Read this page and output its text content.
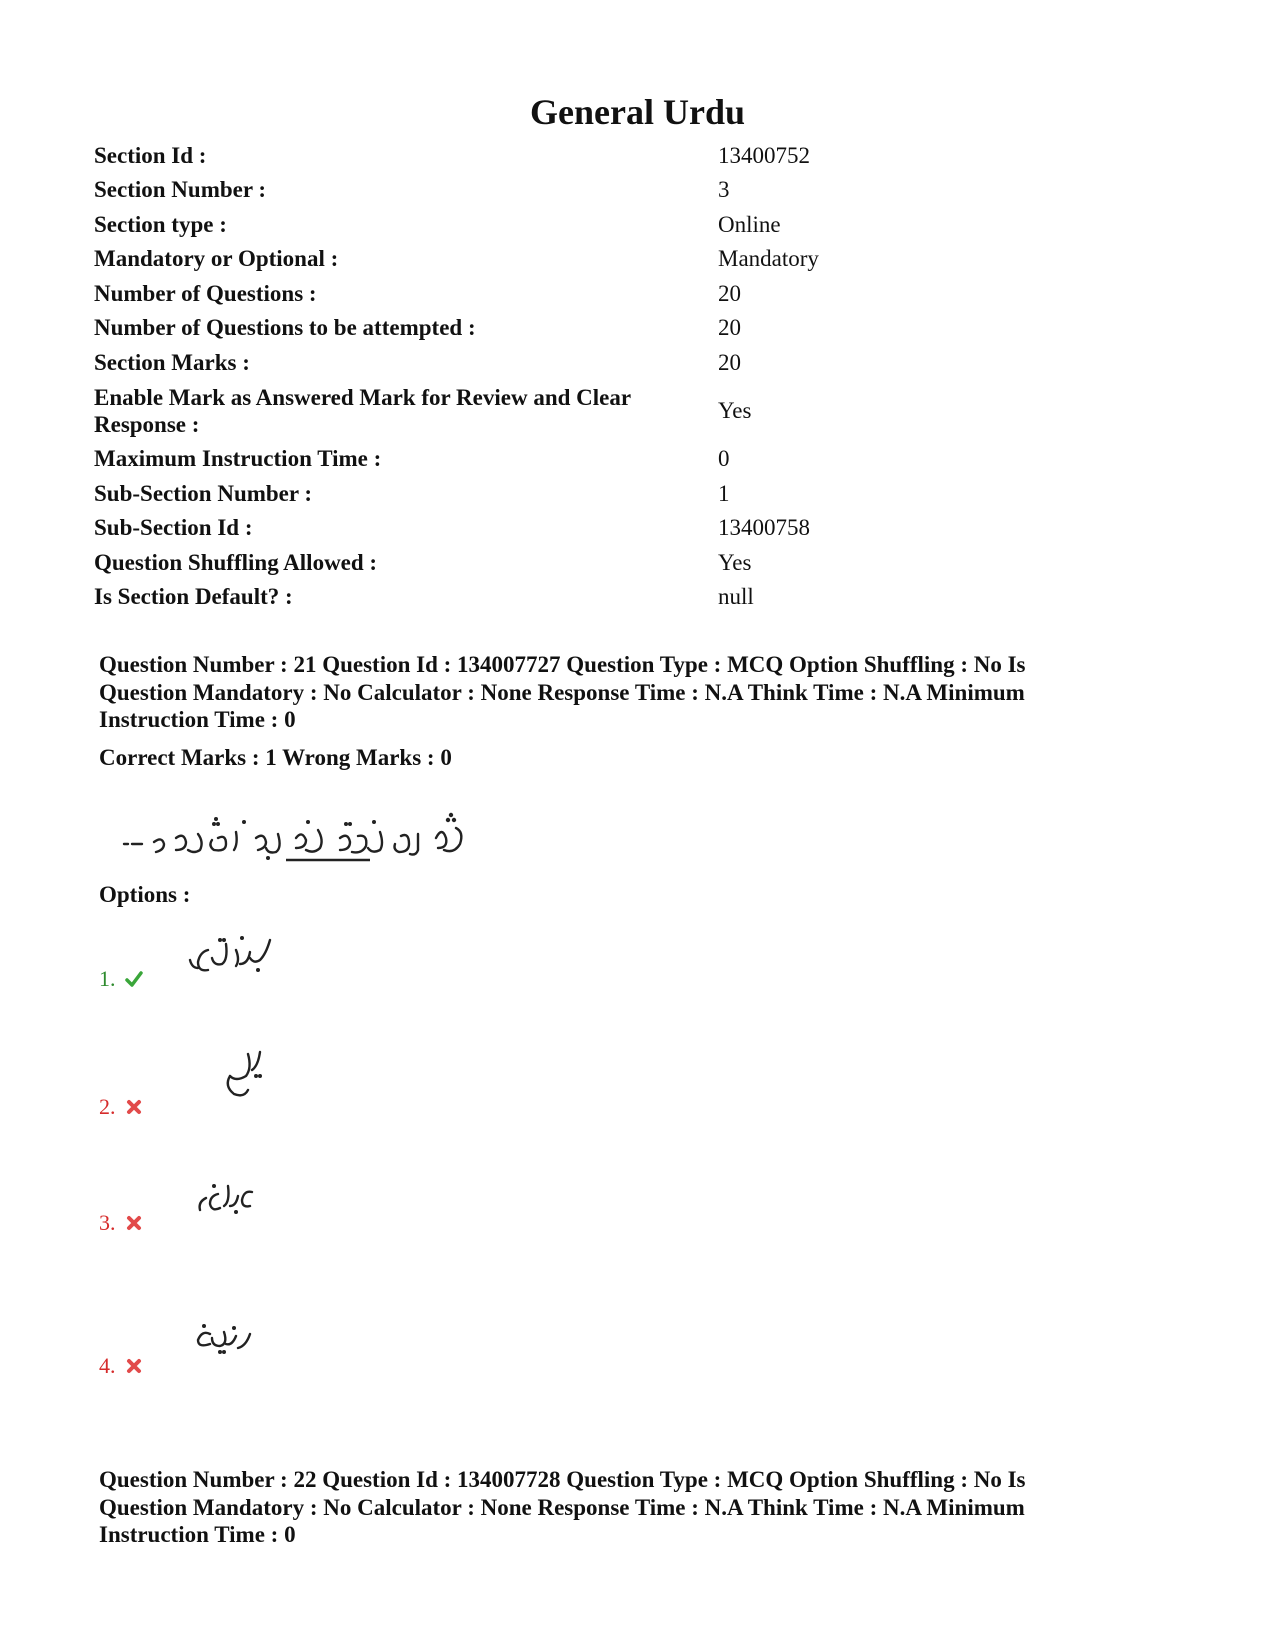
General Urdu
Section Id :	13400752
Section Number :	3
Section type :	Online
Mandatory or Optional :	Mandatory
Number of Questions :	20
Number of Questions to be attempted :	20
Section Marks :	20
Enable Mark as Answered Mark for Review and Clear Response :	Yes
Maximum Instruction Time :	0
Sub-Section Number :	1
Sub-Section Id :	13400758
Question Shuffling Allowed :	Yes
Is Section Default? :	null

Question Number : 21 Question Id : 134007727 Question Type : MCQ Option Shuffling : No Is Question Mandatory : No Calculator : None Response Time : N.A Think Time : N.A Minimum Instruction Time : 0

Correct Marks : 1 Wrong Marks : 0
Options :
1.
2.
3.
4.

Question Number : 22 Question Id : 134007728 Question Type : MCQ Option Shuffling : No Is Question Mandatory : No Calculator : None Response Time : N.A Think Time : N.A Minimum Instruction Time : 0
